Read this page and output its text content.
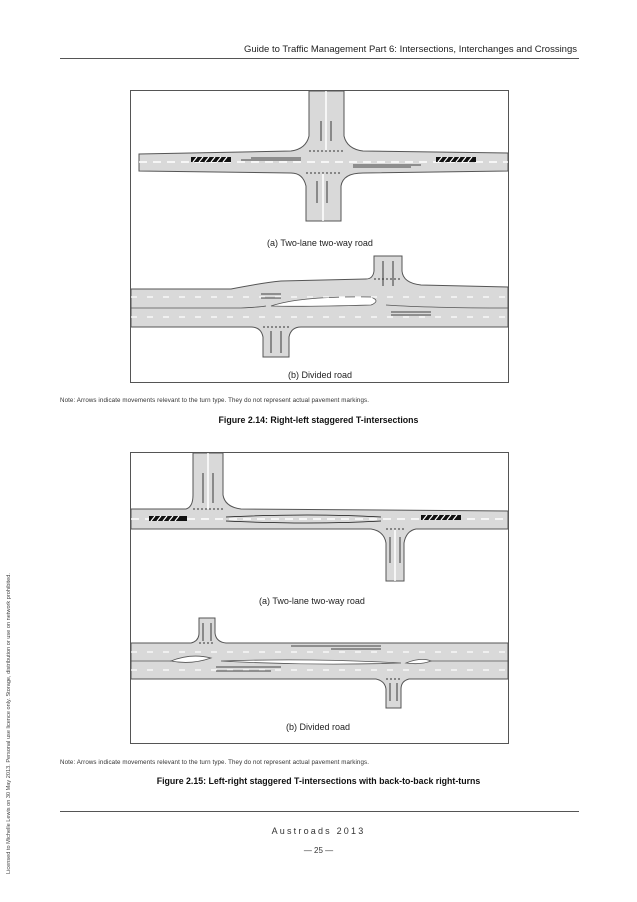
Guide to Traffic Management Part 6: Intersections, Interchanges and Crossings
(a) Two-lane two-way road
(b) Divided road
Note: Arrows indicate movements relevant to the turn type. They do not represent actual pavement markings.
Figure 2.14: Right-left staggered T-intersections
(a) Two-lane two-way road
(b) Divided road
Note: Arrows indicate movements relevant to the turn type. They do not represent actual pavement markings.
Figure 2.15: Left-right staggered T-intersections with back-to-back right-turns
Licensed to Michelle Lewis on 30 May 2013. Personal use licence only. Storage, distribution or use on network prohibited.	Austroads 2013
— 25 —
